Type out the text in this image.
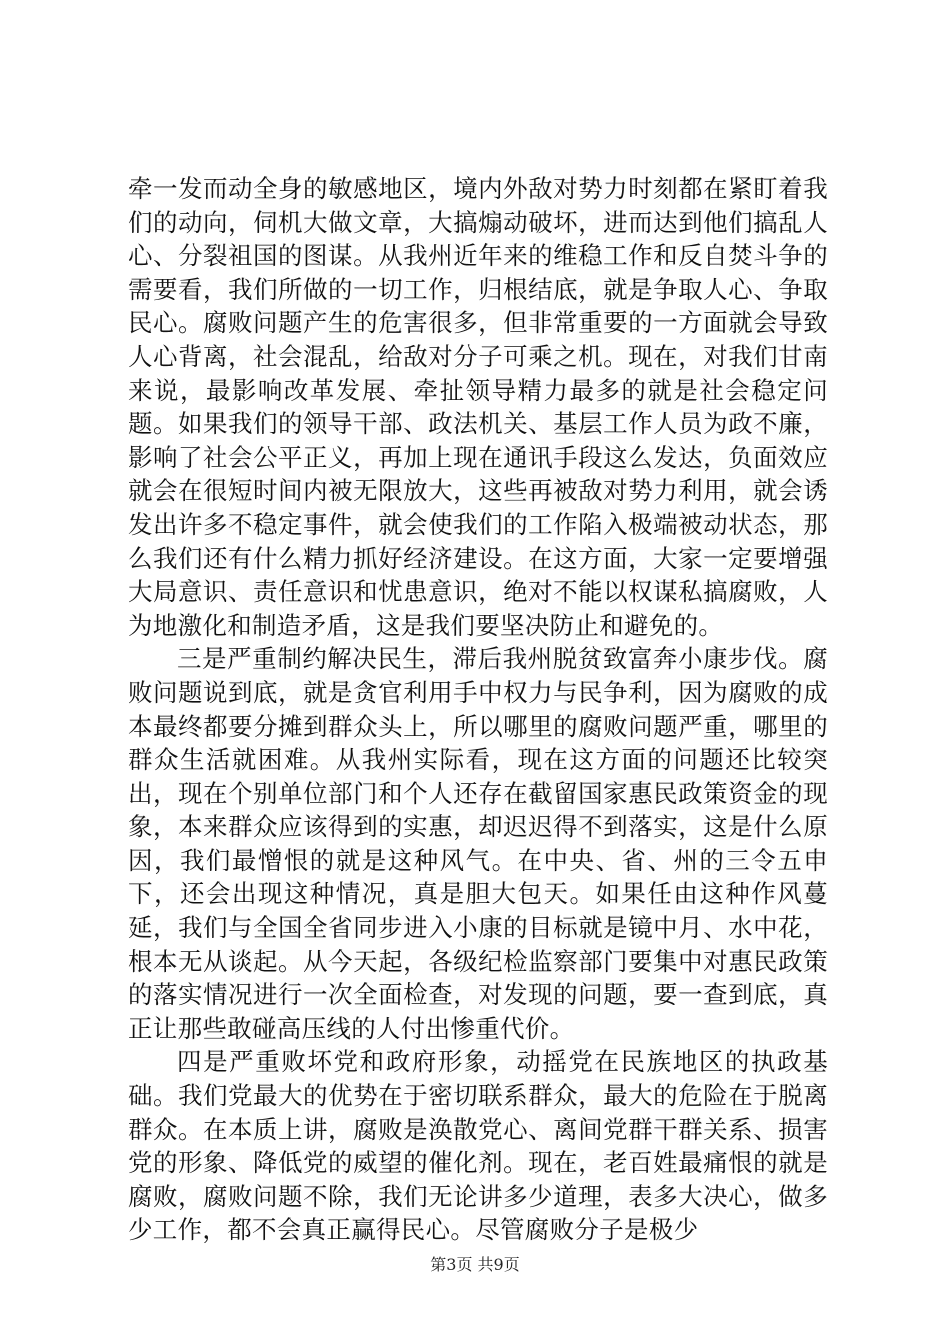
牵一发而动全身的敏感地区，境内外敌对势力时刻都在紧盯着我们的动向，伺机大做文章，大搞煽动破坏，进而达到他们搞乱人心、分裂祖国的图谋。从我州近年来的维稳工作和反自焚斗争的需要看，我们所做的一切工作，归根结底，就是争取人心、争取民心。腐败问题产生的危害很多，但非常重要的一方面就会导致人心背离，社会混乱，给敌对分子可乘之机。现在，对我们甘南来说，最影响改革发展、牵扯领导精力最多的就是社会稳定问题。如果我们的领导干部、政法机关、基层工作人员为政不廉，影响了社会公平正义，再加上现在通讯手段这么发达，负面效应就会在很短时间内被无限放大，这些再被敌对势力利用，就会诱发出许多不稳定事件，就会使我们的工作陷入极端被动状态，那么我们还有什么精力抓好经济建设。在这方面，大家一定要增强大局意识、责任意识和忧患意识，绝对不能以权谋私搞腐败，人为地激化和制造矛盾，这是我们要坚决防止和避免的。

三是严重制约解决民生，滞后我州脱贫致富奔小康步伐。腐败问题说到底，就是贪官利用手中权力与民争利，因为腐败的成本最终都要分摊到群众头上，所以哪里的腐败问题严重，哪里的群众生活就困难。从我州实际看，现在这方面的问题还比较突出，现在个别单位部门和个人还存在截留国家惠民政策资金的现象，本来群众应该得到的实惠，却迟迟得不到落实，这是什么原因，我们最憎恨的就是这种风气。在中央、省、州的三令五申下，还会出现这种情况，真是胆大包天。如果任由这种作风蔓延，我们与全国全省同步进入小康的目标就是镜中月、水中花，根本无从谈起。从今天起，各级纪检监察部门要集中对惠民政策的落实情况进行一次全面检查，对发现的问题，要一查到底，真正让那些敢碰高压线的人付出惨重代价。

四是严重败坏党和政府形象，动摇党在民族地区的执政基础。我们党最大的优势在于密切联系群众，最大的危险在于脱离群众。在本质上讲，腐败是涣散党心、离间党群干群关系、损害党的形象、降低党的威望的催化剂。现在，老百姓最痛恨的就是腐败，腐败问题不除，我们无论讲多少道理，表多大决心，做多少工作，都不会真正赢得民心。尽管腐败分子是极少

第3页 共9页
